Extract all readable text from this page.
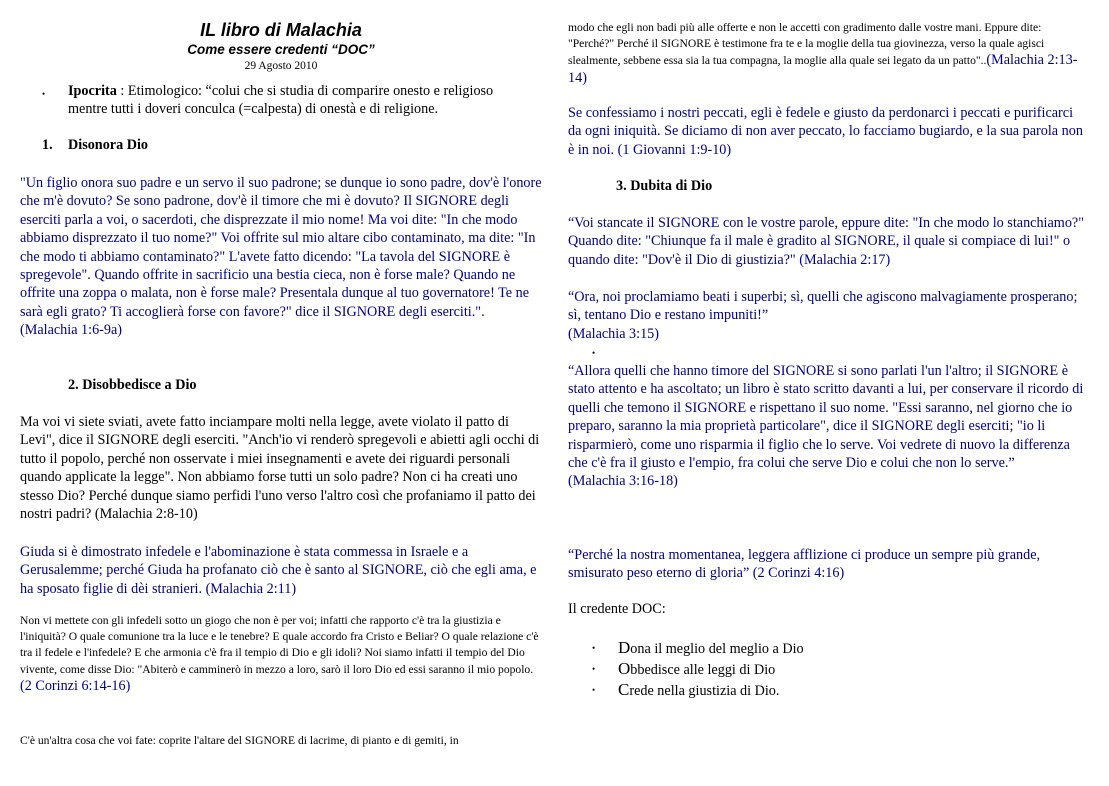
IL libro di Malachia
Come essere credenti “DOC”
29 Agosto 2010
• Ipocrita : Etimologico: “colui che si studia di comparire onesto e religioso mentre tutti i doveri conculca (=calpesta) di onestà e di religione.
1. Disonora Dio
"Un figlio onora suo padre e un servo il suo padrone; se dunque io sono padre, dov'è l'onore che m'è dovuto? Se sono padrone, dov'è il timore che mi è dovuto? Il SIGNORE degli eserciti parla a voi, o sacerdoti, che disprezzate il mio nome! Ma voi dite: "In che modo abbiamo disprezzato il tuo nome?" Voi offrite sul mio altare cibo contaminato, ma dite: "In che modo ti abbiamo contaminato?" L'avete fatto dicendo: "La tavola del SIGNORE è spregevole". Quando offrite in sacrificio una bestia cieca, non è forse male? Quando ne offrite una zoppa o malata, non è forse male? Presentala dunque al tuo governatore! Te ne sarà egli grato? Ti accoglierà forse con favore?" dice il SIGNORE degli eserciti.".
(Malachia 1:6-9a)
2. Disobbedisce a Dio
Ma voi vi siete sviati, avete fatto inciampare molti nella legge, avete violato il patto di Levi", dice il SIGNORE degli eserciti. "Anch'io vi renderò spregevoli e abietti agli occhi di tutto il popolo, perché non osservate i miei insegnamenti e avete dei riguardi personali quando applicate la legge". Non abbiamo forse tutti un solo padre? Non ci ha creati uno stesso Dio? Perché dunque siamo perfidi l'uno verso l'altro così che profaniamo il patto dei nostri padri? (Malachia 2:8-10)
Giuda si è dimostrato infedele e l'abominazione è stata commessa in Israele e a Gerusalemme; perché Giuda ha profanato ciò che è santo al SIGNORE, ciò che egli ama, e ha sposato figlie di dèi stranieri. (Malachia 2:11)
Non vi mettete con gli infedeli sotto un giogo che non è per voi; infatti che rapporto c'è tra la giustizia e l'iniquità? O quale comunione tra la luce e le tenebre? E quale accordo fra Cristo e Beliar? O quale relazione c'è tra il fedele e l'infedele? E che armonia c'è fra il tempio di Dio e gli idoli? Noi siamo infatti il tempio del Dio vivente, come disse Dio: "Abiterò e camminerò in mezzo a loro, sarò il loro Dio ed essi saranno il mio popolo.
(2 Corinzi 6:14-16)
C'è un'altra cosa che voi fate: coprite l'altare del SIGNORE di lacrime, di pianto e di gemiti, in
modo che egli non badi più alle offerte e non le accetti con gradimento dalle vostre mani. Eppure dite: "Perché?" Perché il SIGNORE è testimone fra te e la moglie della tua giovinezza, verso la quale agisci slealmente, sebbene essa sia la tua compagna, la moglie alla quale sei legato da un patto"..(Malachia 2:13-14)
Se confessiamo i nostri peccati, egli è fedele e giusto da perdonarci i peccati e purificarci da ogni iniquità. Se diciamo di non aver peccato, lo facciamo bugiardo, e la sua parola non è in noi. (1 Giovanni 1:9-10)
3. Dubita di Dio
“Voi stancate il SIGNORE con le vostre parole, eppure dite: "In che modo lo stanchiamo?" Quando dite: "Chiunque fa il male è gradito al SIGNORE, il quale si compiace di lui!" o quando dite: "Dov'è il Dio di giustizia?" (Malachia 2:17)
“Ora, noi proclamiamo beati i superbi; sì, quelli che agiscono malvagiamente prosperano; sì, tentano Dio e restano impuniti!”
(Malachia 3:15)
•
“Allora quelli che hanno timore del SIGNORE si sono parlati l'un l'altro; il SIGNORE è stato attento e ha ascoltato; un libro è stato scritto davanti a lui, per conservare il ricordo di quelli che temono il SIGNORE e rispettano il suo nome. "Essi saranno, nel giorno che io preparo, saranno la mia proprietà particolare", dice il SIGNORE degli eserciti; "io li risparmierò, come uno risparmia il figlio che lo serve. Voi vedrete di nuovo la differenza che c'è fra il giusto e l'empio, fra colui che serve Dio e colui che non lo serve.”
(Malachia 3:16-18)
“Perché la nostra momentanea, leggera afflizione ci produce un sempre più grande, smisurato peso eterno di gloria” (2 Corinzi 4:16)
Il credente DOC:
• Dona il meglio del meglio a Dio
• Obbedisce alle leggi di Dio
• Crede nella giustizia di Dio.
